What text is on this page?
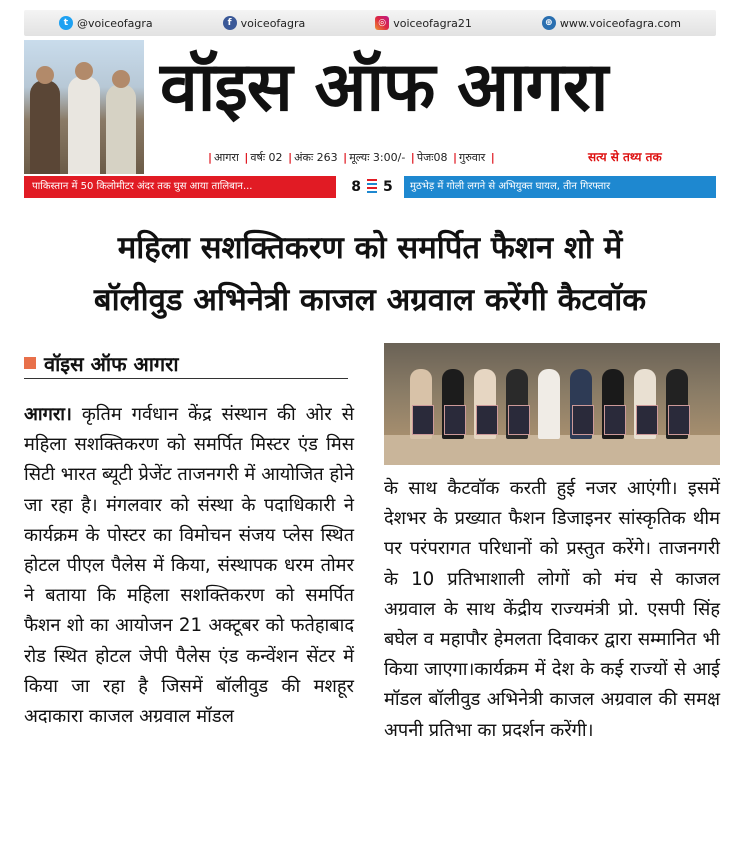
t @voiceofagra	f voiceofagra	◎ voiceofagra21	⊕ www.voiceofagra.com
वॉइस ऑफ आगरा
| आगरा | वर्षः 02 | अंकः 263 | मूल्यः 3:00/- | पेजः08 | गुरुवार |	सत्य से तथ्य तक
पाकिस्तान में 50 किलोमीटर अंदर तक घुस आया तालिबान...	8 5	मुठभेड़ में गोली लगने से अभियुक्त घायल, तीन गिरफ्तार
महिला सशक्तिकरण को समर्पित फैशन शो में
बॉलीवुड अभिनेत्री काजल अग्रवाल करेंगी कैटवॉक
वॉइस ऑफ आगरा
आगरा। कृतिम गर्वधान केंद्र संस्थान की ओर से महिला सशक्तिकरण को समर्पित मिस्टर एंड मिस सिटी भारत ब्यूटी प्रेजेंट ताजनगरी में आयोजित होने जा रहा है। मंगलवार को संस्था के पदाधिकारी ने कार्यक्रम के पोस्टर का विमोचन संजय प्लेस स्थित होटल पीएल पैलेस में किया, संस्थापक धरम तोमर ने बताया कि महिला सशक्तिकरण को समर्पित फैशन शो का आयोजन 21 अक्टूबर को फतेहाबाद रोड स्थित होटल जेपी पैलेस एंड कन्वेंशन सेंटर में किया जा रहा है जिसमें बॉलीवुड की मशहूर अदाकारा काजल अग्रवाल मॉडल
के साथ कैटवॉक करती हुई नजर आएंगी। इसमें देशभर के प्रख्यात फैशन डिजाइनर सांस्कृतिक थीम पर परंपरागत परिधानों को प्रस्तुत करेंगे। ताजनगरी के 10 प्रतिभाशाली लोगों को मंच से काजल अग्रवाल के साथ केंद्रीय राज्यमंत्री प्रो. एसपी सिंह बघेल व महापौर हेमलता दिवाकर द्वारा सम्मानित भी किया जाएगा।कार्यक्रम में देश के कई राज्यों से आई मॉडल बॉलीवुड अभिनेत्री काजल अग्रवाल की समक्ष अपनी प्रतिभा का प्रदर्शन करेंगी।
